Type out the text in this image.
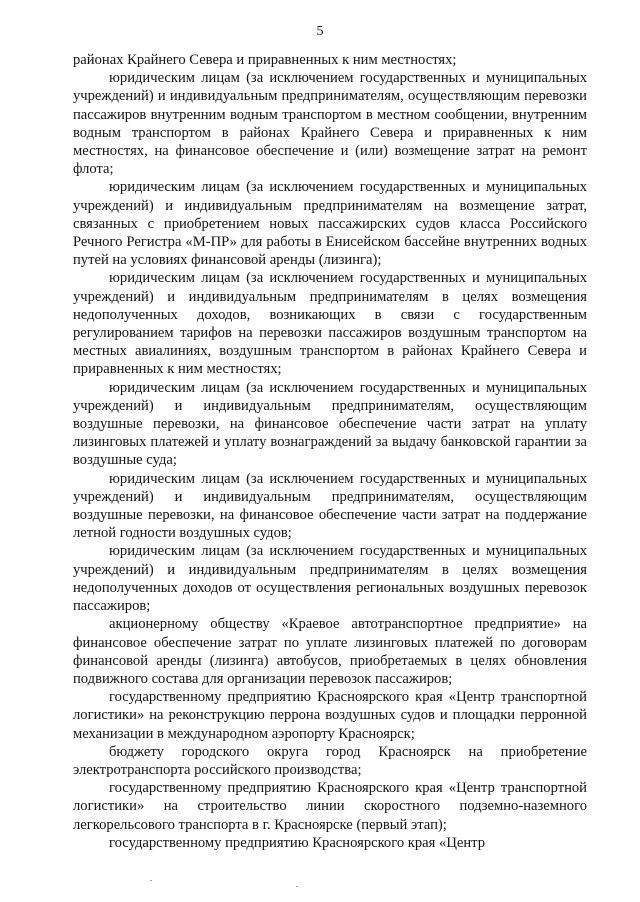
5

районах Крайнего Севера и приравненных к ним местностях;

юридическим лицам (за исключением государственных и муниципальных учреждений) и индивидуальным предпринимателям, осуществляющим перевозки пассажиров внутренним водным транспортом в местном сообщении, внутренним водным транспортом в районах Крайнего Севера и приравненных к ним местностях, на финансовое обеспечение и (или) возмещение затрат на ремонт флота;

юридическим лицам (за исключением государственных и муниципальных учреждений) и индивидуальным предпринимателям на возмещение затрат, связанных с приобретением новых пассажирских судов класса Российского Речного Регистра «М-ПР» для работы в Енисейском бассейне внутренних водных путей на условиях финансовой аренды (лизинга);

юридическим лицам (за исключением государственных и муниципальных учреждений) и индивидуальным предпринимателям в целях возмещения недополученных доходов, возникающих в связи с государственным регулированием тарифов на перевозки пассажиров воздушным транспортом на местных авиалиниях, воздушным транспортом в районах Крайнего Севера и приравненных к ним местностях;

юридическим лицам (за исключением государственных и муниципальных учреждений) и индивидуальным предпринимателям, осуществляющим воздушные перевозки, на финансовое обеспечение части затрат на уплату лизинговых платежей и уплату вознаграждений за выдачу банковской гарантии за воздушные суда;

юридическим лицам (за исключением государственных и муниципальных учреждений) и индивидуальным предпринимателям, осуществляющим воздушные перевозки, на финансовое обеспечение части затрат на поддержание летной годности воздушных судов;

юридическим лицам (за исключением государственных и муниципальных учреждений) и индивидуальным предпринимателям в целях возмещения недополученных доходов от осуществления региональных воздушных перевозок пассажиров;

акционерному обществу «Краевое автотранспортное предприятие» на финансовое обеспечение затрат по уплате лизинговых платежей по договорам финансовой аренды (лизинга) автобусов, приобретаемых в целях обновления подвижного состава для организации перевозок пассажиров;

государственному предприятию Красноярского края «Центр транспортной логистики» на реконструкцию перрона воздушных судов и площадки перронной механизации в международном аэропорту Красноярск;

бюджету городского округа город Красноярск на приобретение электротранспорта российского производства;

государственному предприятию Красноярского края «Центр транспортной логистики» на строительство линии скоростного подземно-наземного легкорельсового транспорта в г. Красноярске (первый этап);

государственному предприятию Красноярского края «Центр
